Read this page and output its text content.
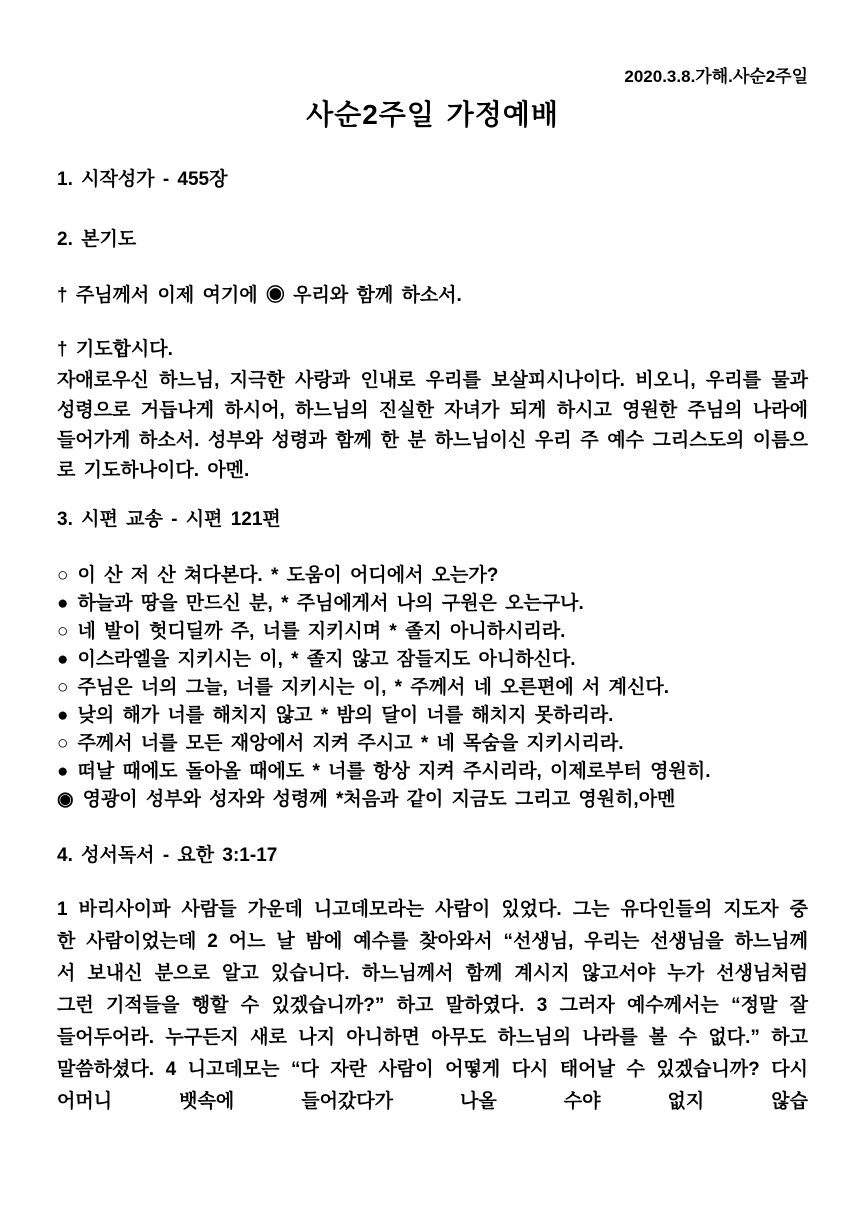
2020.3.8.가해.사순2주일
사순2주일 가정예배
1. 시작성가 - 455장
2. 본기도
† 주님께서 이제 여기에 ◉ 우리와 함께 하소서.
† 기도합시다.

자애로우신 하느님, 지극한 사랑과 인내로 우리를 보살피시나이다. 비오니, 우리를 물과 성령으로 거듭나게 하시어, 하느님의 진실한 자녀가 되게 하시고 영원한 주님의 나라에 들어가게 하소서. 성부와 성령과 함께 한 분 하느님이신 우리 주 예수 그리스도의 이름으로 기도하나이다. 아멘.

3. 시편 교송 - 시편 121편
○ 이 산 저 산 쳐다본다. * 도움이 어디에서 오는가?
● 하늘과 땅을 만드신 분, * 주님에게서 나의 구원은 오는구나.
○ 네 발이 헛디딜까 주, 너를 지키시며 * 졸지 아니하시리라.
● 이스라엘을 지키시는 이, * 졸지 않고 잠들지도 아니하신다.
○ 주님은 너의 그늘, 너를 지키시는 이, * 주께서 네 오른편에 서 계신다.
● 낮의 해가 너를 해치지 않고 * 밤의 달이 너를 해치지 못하리라.
○ 주께서 너를 모든 재앙에서 지켜 주시고 * 네 목숨을 지키시리라.
● 떠날 때에도 돌아올 때에도 * 너를 항상 지켜 주시리라, 이제로부터 영원히.
◉ 영광이 성부와 성자와 성령께 *처음과 같이 지금도 그리고 영원히,아멘
4. 성서독서 - 요한 3:1-17

1 바리사이파 사람들 가운데 니고데모라는 사람이 있었다. 그는 유다인들의 지도자 중 한 사람이었는데 2 어느 날 밤에 예수를 찾아와서 “선생님, 우리는 선생님을 하느님께서 보내신 분으로 알고 있습니다. 하느님께서 함께 계시지 않고서야 누가 선생님처럼 그런 기적들을 행할 수 있겠습니까?” 하고 말하였다. 3 그러자 예수께서는 “정말 잘 들어두어라. 누구든지 새로 나지 아니하면 아무도 하느님의 나라를 볼 수 없다.” 하고 말씀하셨다. 4 니고데모는 “다 자란 사람이 어떻게 다시 태어날 수 있겠습니까? 다시 어머니 뱃속에 들어갔다가 나올 수야 없지 않습
